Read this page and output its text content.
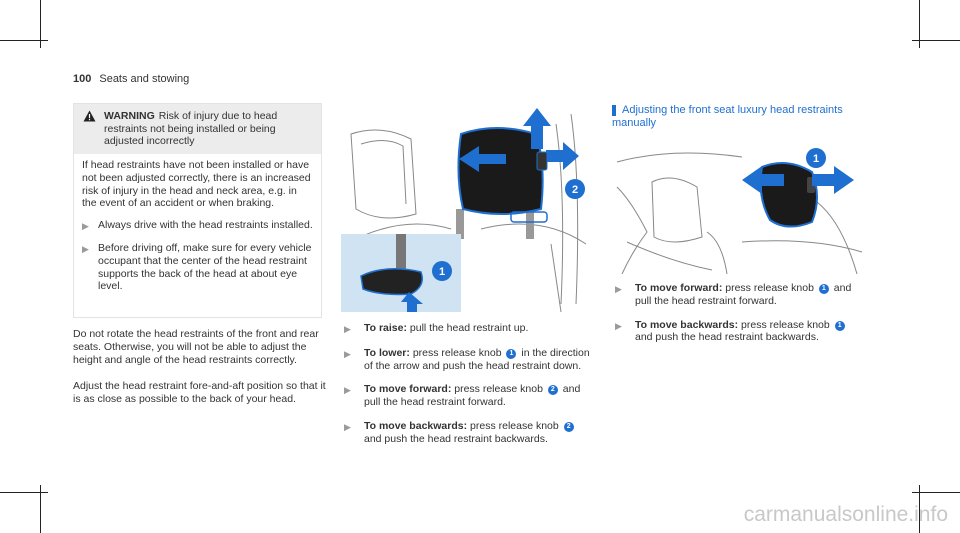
100 Seats and stowing
WARNING Risk of injury due to head restraints not being installed or being adjusted incorrectly
If head restraints have not been installed or have not been adjusted correctly, there is an increased risk of injury in the head and neck area, e.g. in the event of an accident or when braking.
▶ Always drive with the head restraints installed.
▶ Before driving off, make sure for every vehicle occupant that the center of the head restraint supports the back of the head at about eye level.
Do not rotate the head restraints of the front and rear seats. Otherwise, you will not be able to adjust the height and angle of the head restraints correctly.
Adjust the head restraint fore-and-aft position so that it is as close as possible to the back of your head.
2
1
▶	To raise: pull the head restraint up.
▶	To lower: press release knob 1 in the direction of the arrow and push the head restraint down.
▶	To move forward: press release knob 2 and pull the head restraint forward.
▶	To move backwards: press release knob 2 and push the head restraint backwards.
Adjusting the front seat luxury head restraints
manually
1
▶	To move forward: press release knob 1 and pull the head restraint forward.
▶	To move backwards: press release knob 1 and push the head restraint backwards.
carmanualsonline.info
